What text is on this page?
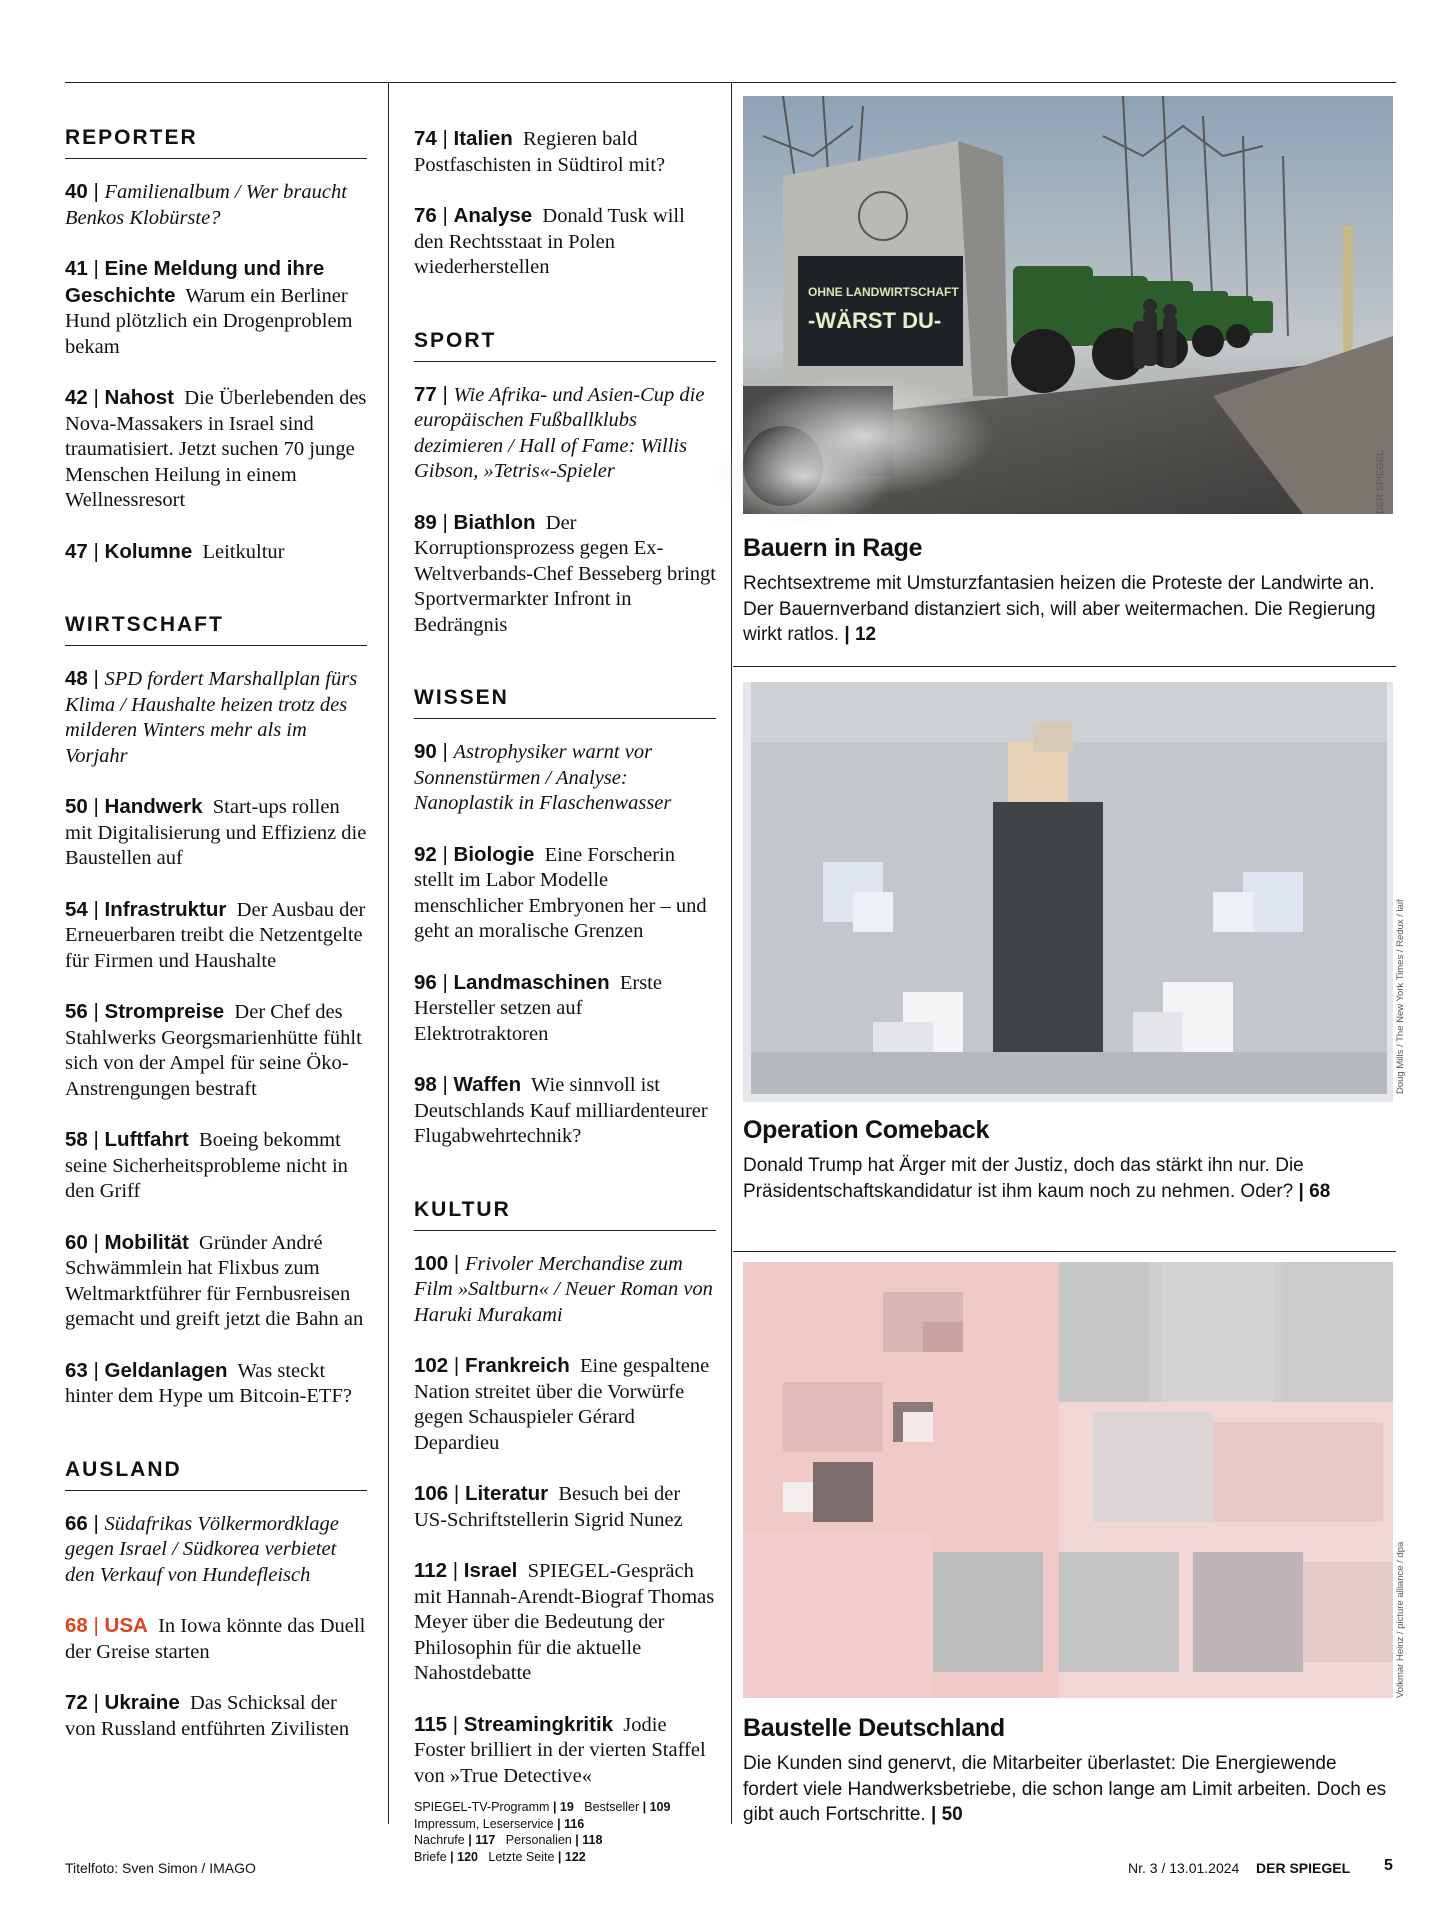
REPORTER
40 | Familienalbum / Wer braucht Benkos Klobürste?
41 | Eine Meldung und ihre Geschichte Warum ein Berliner Hund plötzlich ein Drogenproblem bekam
42 | Nahost Die Überlebenden des Nova-Massakers in Israel sind traumatisiert. Jetzt suchen 70 junge Menschen Heilung in einem Wellnessresort
47 | Kolumne Leitkultur
WIRTSCHAFT
48 | SPD fordert Marshallplan fürs Klima / Haushalte heizen trotz des milderen Winters mehr als im Vorjahr
50 | Handwerk Start-ups rollen mit Digitalisierung und Effizienz die Baustellen auf
54 | Infrastruktur Der Ausbau der Erneuerbaren treibt die Netzentgelte für Firmen und Haushalte
56 | Strompreise Der Chef des Stahlwerks Georgsmarienhütte fühlt sich von der Ampel für seine Öko-Anstrengungen bestraft
58 | Luftfahrt Boeing bekommt seine Sicherheitsprobleme nicht in den Griff
60 | Mobilität Gründer André Schwämmlein hat Flixbus zum Weltmarktführer für Fernbusreisen gemacht und greift jetzt die Bahn an
63 | Geldanlagen Was steckt hinter dem Hype um Bitcoin-ETF?
AUSLAND
66 | Südafrikas Völkermordklage gegen Israel / Südkorea verbietet den Verkauf von Hundefleisch
68 | USA In Iowa könnte das Duell der Greise starten
72 | Ukraine Das Schicksal der von Russland entführten Zivilisten
74 | Italien Regieren bald Postfaschisten in Südtirol mit?
76 | Analyse Donald Tusk will den Rechtsstaat in Polen wiederherstellen
SPORT
77 | Wie Afrika- und Asien-Cup die europäischen Fußballklubs dezimieren / Hall of Fame: Willis Gibson, »Tetris«-Spieler
89 | Biathlon Der Korruptionsprozess gegen Ex-Weltverbands-Chef Besseberg bringt Sportvermarkter Infront in Bedrängnis
WISSEN
90 | Astrophysiker warnt vor Sonnenstürmen / Analyse: Nanoplastik in Flaschenwasser
92 | Biologie Eine Forscherin stellt im Labor Modelle menschlicher Embryonen her – und geht an moralische Grenzen
96 | Landmaschinen Erste Hersteller setzen auf Elektrotraktoren
98 | Waffen Wie sinnvoll ist Deutschlands Kauf milliardenteurer Flugabwehrtechnik?
KULTUR
100 | Frivoler Merchandise zum Film »Saltburn« / Neuer Roman von Haruki Murakami
102 | Frankreich Eine gespaltene Nation streitet über die Vorwürfe gegen Schauspieler Gérard Depardieu
106 | Literatur Besuch bei der US-Schriftstellerin Sigrid Nunez
112 | Israel SPIEGEL-Gespräch mit Hannah-Arendt-Biograf Thomas Meyer über die Bedeutung der Philosophin für die aktuelle Nahostdebatte
115 | Streamingkritik Jodie Foster brilliert in der vierten Staffel von »True Detective«
SPIEGEL-TV-Programm | 19 Bestseller | 109
Impressum, Leserservice | 116
Nachrufe | 117 Personalien | 118
Briefe | 120 Letzte Seite | 122
OHNE LANDWIRTSCHAFT
-WÄRST DU-
DER SPIEGEL
Bauern in Rage
Rechtsextreme mit Umsturzfantasien heizen die Proteste der Landwirte an. Der Bauernverband distanziert sich, will aber weitermachen. Die Regierung wirkt ratlos. | 12
Doug Mills / The New York Times / Redux / laif
Operation Comeback
Donald Trump hat Ärger mit der Justiz, doch das stärkt ihn nur. Die Präsidentschaftskandidatur ist ihm kaum noch zu nehmen. Oder? | 68
Volkmar Heinz / picture alliance / dpa
Baustelle Deutschland
Die Kunden sind genervt, die Mitarbeiter überlastet: Die Energiewende fordert viele Handwerksbetriebe, die schon lange am Limit arbeiten. Doch es gibt auch Fortschritte. | 50
Titelfoto: Sven Simon / IMAGO	Nr. 3 / 13.01.2024 DER SPIEGEL 5
